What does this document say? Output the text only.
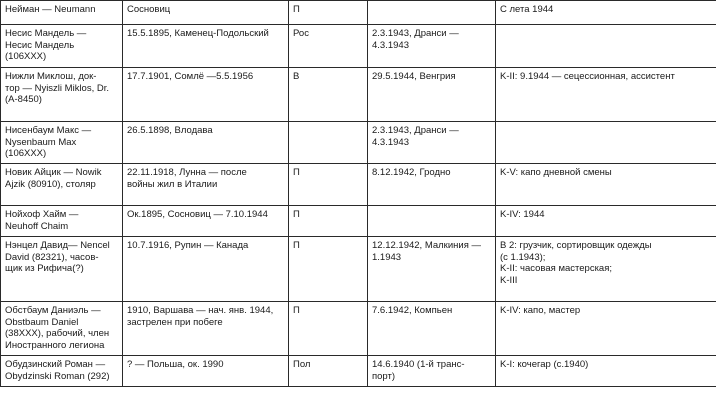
Нейман — Neumann	Сосновиц	П		С лета 1944

Несис Мандель —
Несис Мандель
(106XXX)	15.5.1895, Каменец-Подольский	Рос	2.3.1943, Дранси —
4.3.1943	

Нижли Миклош, док-
тор — Nyiszli Miklos, Dr.
(A-8450)	17.7.1901, Сомлё —5.5.1956	В	29.5.1944, Венгрия	K-II: 9.1944 — сецессионная, ассистент

Нисенбаум Макс —
Nysenbaum Max
(106XXX)	26.5.1898, Влодава		2.3.1943, Дранси —
4.3.1943	

Новик Айцик — Nowik
Ajzik (80910), столяр	22.11.1918, Лунна — после
войны жил в Италии	П	8.12.1942, Гродно	K-V: капо дневной смены

Нойхоф Хайм —
Neuhoff Chaim	Ок.1895, Сосновиц — 7.10.1944	П		K-IV: 1944

Нэнцел Давид— Nencel
David (82321), часов-
щик из Рифича(?)	10.7.1916, Рупин — Канада	П	12.12.1942, Малкиния —
1.1943	B 2: грузчик, сортировщик одежды
(с 1.1943);
K-II: часовая мастерская;
K-III

Обстбаум Даниэль —
Obstbaum Daniel
(38XXX), рабочий, член
Иностранного легиона	1910, Варшава — нач. янв. 1944,
застрелен при побеге	П	7.6.1942, Компьен	K-IV: капо, мастер

Обудзинский Роман —
Obydzinski Roman (292)	? — Польша, ок. 1990	Пол	14.6.1940 (1-й транс-
порт)	K-I: кочегар (с.1940)
